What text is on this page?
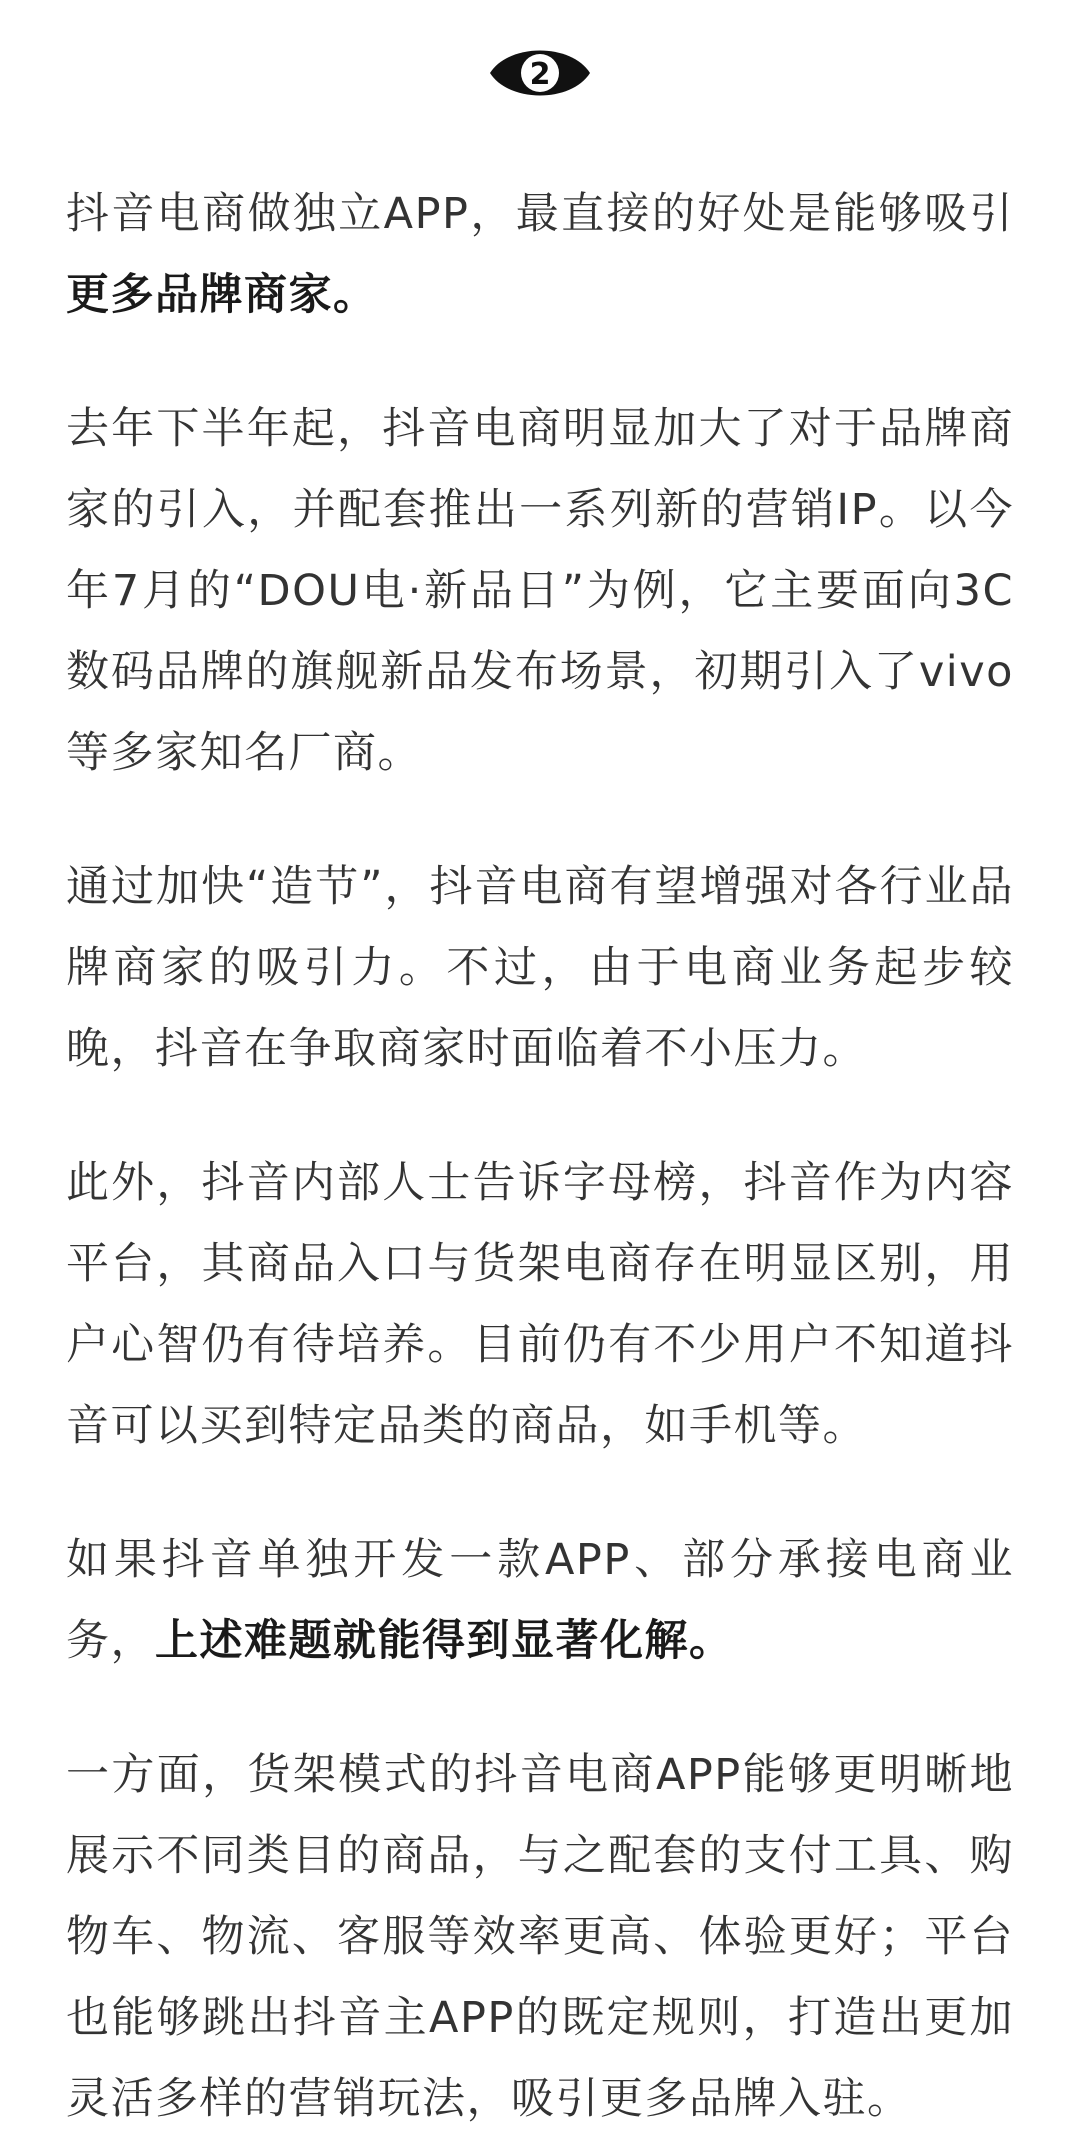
2

抖音电商做独立APP，最直接的好处是能够吸引更多品牌商家。

去年下半年起，抖音电商明显加大了对于品牌商家的引入，并配套推出一系列新的营销IP。以今年7月的“DOU电·新品日”为例，它主要面向3C数码品牌的旗舰新品发布场景，初期引入了vivo等多家知名厂商。

通过加快“造节”，抖音电商有望增强对各行业品牌商家的吸引力。不过，由于电商业务起步较晚，抖音在争取商家时面临着不小压力。

此外，抖音内部人士告诉字母榜，抖音作为内容平台，其商品入口与货架电商存在明显区别，用户心智仍有待培养。目前仍有不少用户不知道抖音可以买到特定品类的商品，如手机等。

如果抖音单独开发一款APP、部分承接电商业务，上述难题就能得到显著化解。

一方面，货架模式的抖音电商APP能够更明晰地展示不同类目的商品，与之配套的支付工具、购物车、物流、客服等效率更高、体验更好；平台也能够跳出抖音主APP的既定规则，打造出更加灵活多样的营销玩法，吸引更多品牌入驻。
